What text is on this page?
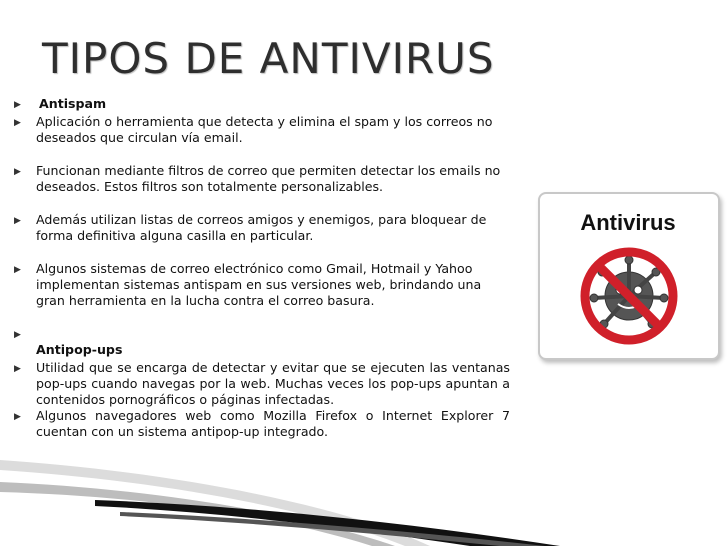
TIPOS DE ANTIVIRUS
▶ Antispam

▶ Aplicación o herramienta que detecta y elimina el spam y los correos no deseados que circulan vía email.

▶ Funcionan mediante filtros de correo que permiten detectar los emails no deseados. Estos filtros son totalmente personalizables.

▶ Además utilizan listas de correos amigos y enemigos, para bloquear de forma definitiva alguna casilla en particular.

▶ Algunos sistemas de correo electrónico como Gmail, Hotmail y Yahoo implementan sistemas antispam en sus versiones web, brindando una gran herramienta en la lucha contra el correo basura.

▶

Antipop-ups

▶ Utilidad que se encarga de detectar y evitar que se ejecuten las ventanas pop-ups cuando navegas por la web. Muchas veces los pop-ups apuntan a contenidos pornográficos o páginas infectadas.

▶ Algunos navegadores web como Mozilla Firefox o Internet Explorer 7 cuentan con un sistema antipop-up integrado.

Antivirus
